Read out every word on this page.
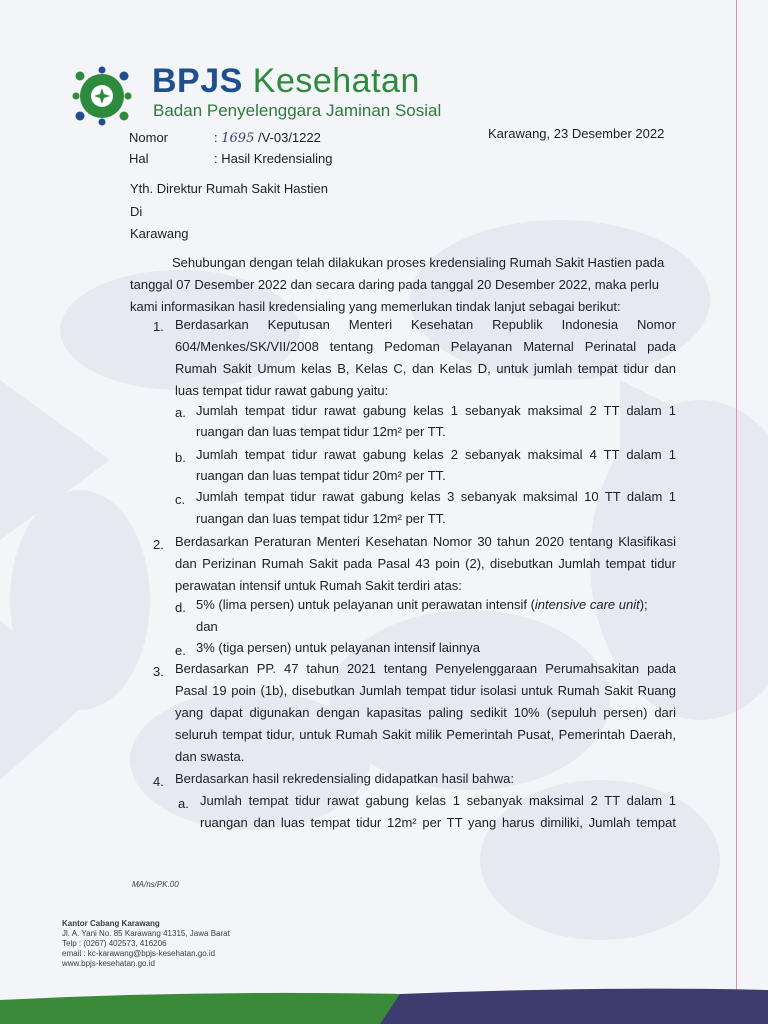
BPJS Kesehatan
Badan Penyelenggara Jaminan Sosial
Nomor	: 1695 /V-03/1222
Hal	: Hasil Kredensialing
Karawang, 23 Desember 2022
Yth. Direktur Rumah Sakit Hastien
Di
Karawang
Sehubungan dengan telah dilakukan proses kredensialing Rumah Sakit Hastien pada
tanggal 07 Desember 2022 dan secara daring pada tanggal 20 Desember 2022, maka perlu
kami informasikan hasil kredensialing yang memerlukan tindak lanjut sebagai berikut:
1. Berdasarkan Keputusan Menteri Kesehatan Republik Indonesia Nomor
604/Menkes/SK/VII/2008 tentang Pedoman Pelayanan Maternal Perinatal pada
Rumah Sakit Umum kelas B, Kelas C, dan Kelas D, untuk jumlah tempat tidur dan
luas tempat tidur rawat gabung yaitu:
a. Jumlah tempat tidur rawat gabung kelas 1 sebanyak maksimal 2 TT dalam 1
ruangan dan luas tempat tidur 12m² per TT.
b. Jumlah tempat tidur rawat gabung kelas 2 sebanyak maksimal 4 TT dalam 1
ruangan dan luas tempat tidur 20m² per TT.
c. Jumlah tempat tidur rawat gabung kelas 3 sebanyak maksimal 10 TT dalam 1
ruangan dan luas tempat tidur 12m² per TT.
2. Berdasarkan Peraturan Menteri Kesehatan Nomor 30 tahun 2020 tentang Klasifikasi
dan Perizinan Rumah Sakit pada Pasal 43 poin (2), disebutkan Jumlah tempat tidur
perawatan intensif untuk Rumah Sakit terdiri atas:
d. 5% (lima persen) untuk pelayanan unit perawatan intensif (intensive care unit);
dan
e. 3% (tiga persen) untuk pelayanan intensif lainnya
3. Berdasarkan PP. 47 tahun 2021 tentang Penyelenggaraan Perumahsakitan pada
Pasal 19 poin (1b), disebutkan Jumlah tempat tidur isolasi untuk Rumah Sakit Ruang
yang dapat digunakan dengan kapasitas paling sedikit 10% (sepuluh persen) dari
seluruh tempat tidur, untuk Rumah Sakit milik Pemerintah Pusat, Pemerintah Daerah,
dan swasta.
4. Berdasarkan hasil rekredensialing didapatkan hasil bahwa:
a. Jumlah tempat tidur rawat gabung kelas 1 sebanyak maksimal 2 TT dalam 1
ruangan dan luas tempat tidur 12m² per TT yang harus dimiliki, Jumlah tempat
MA/ns/PK.00
Kantor Cabang Karawang
Jl. A. Yani No. 85 Karawang 41315, Jawa Barat
Telp : (0267) 402573, 416206
email : kc-karawang@bpjs-kesehatan.go.id
www.bpjs-kesehatan.go.id
